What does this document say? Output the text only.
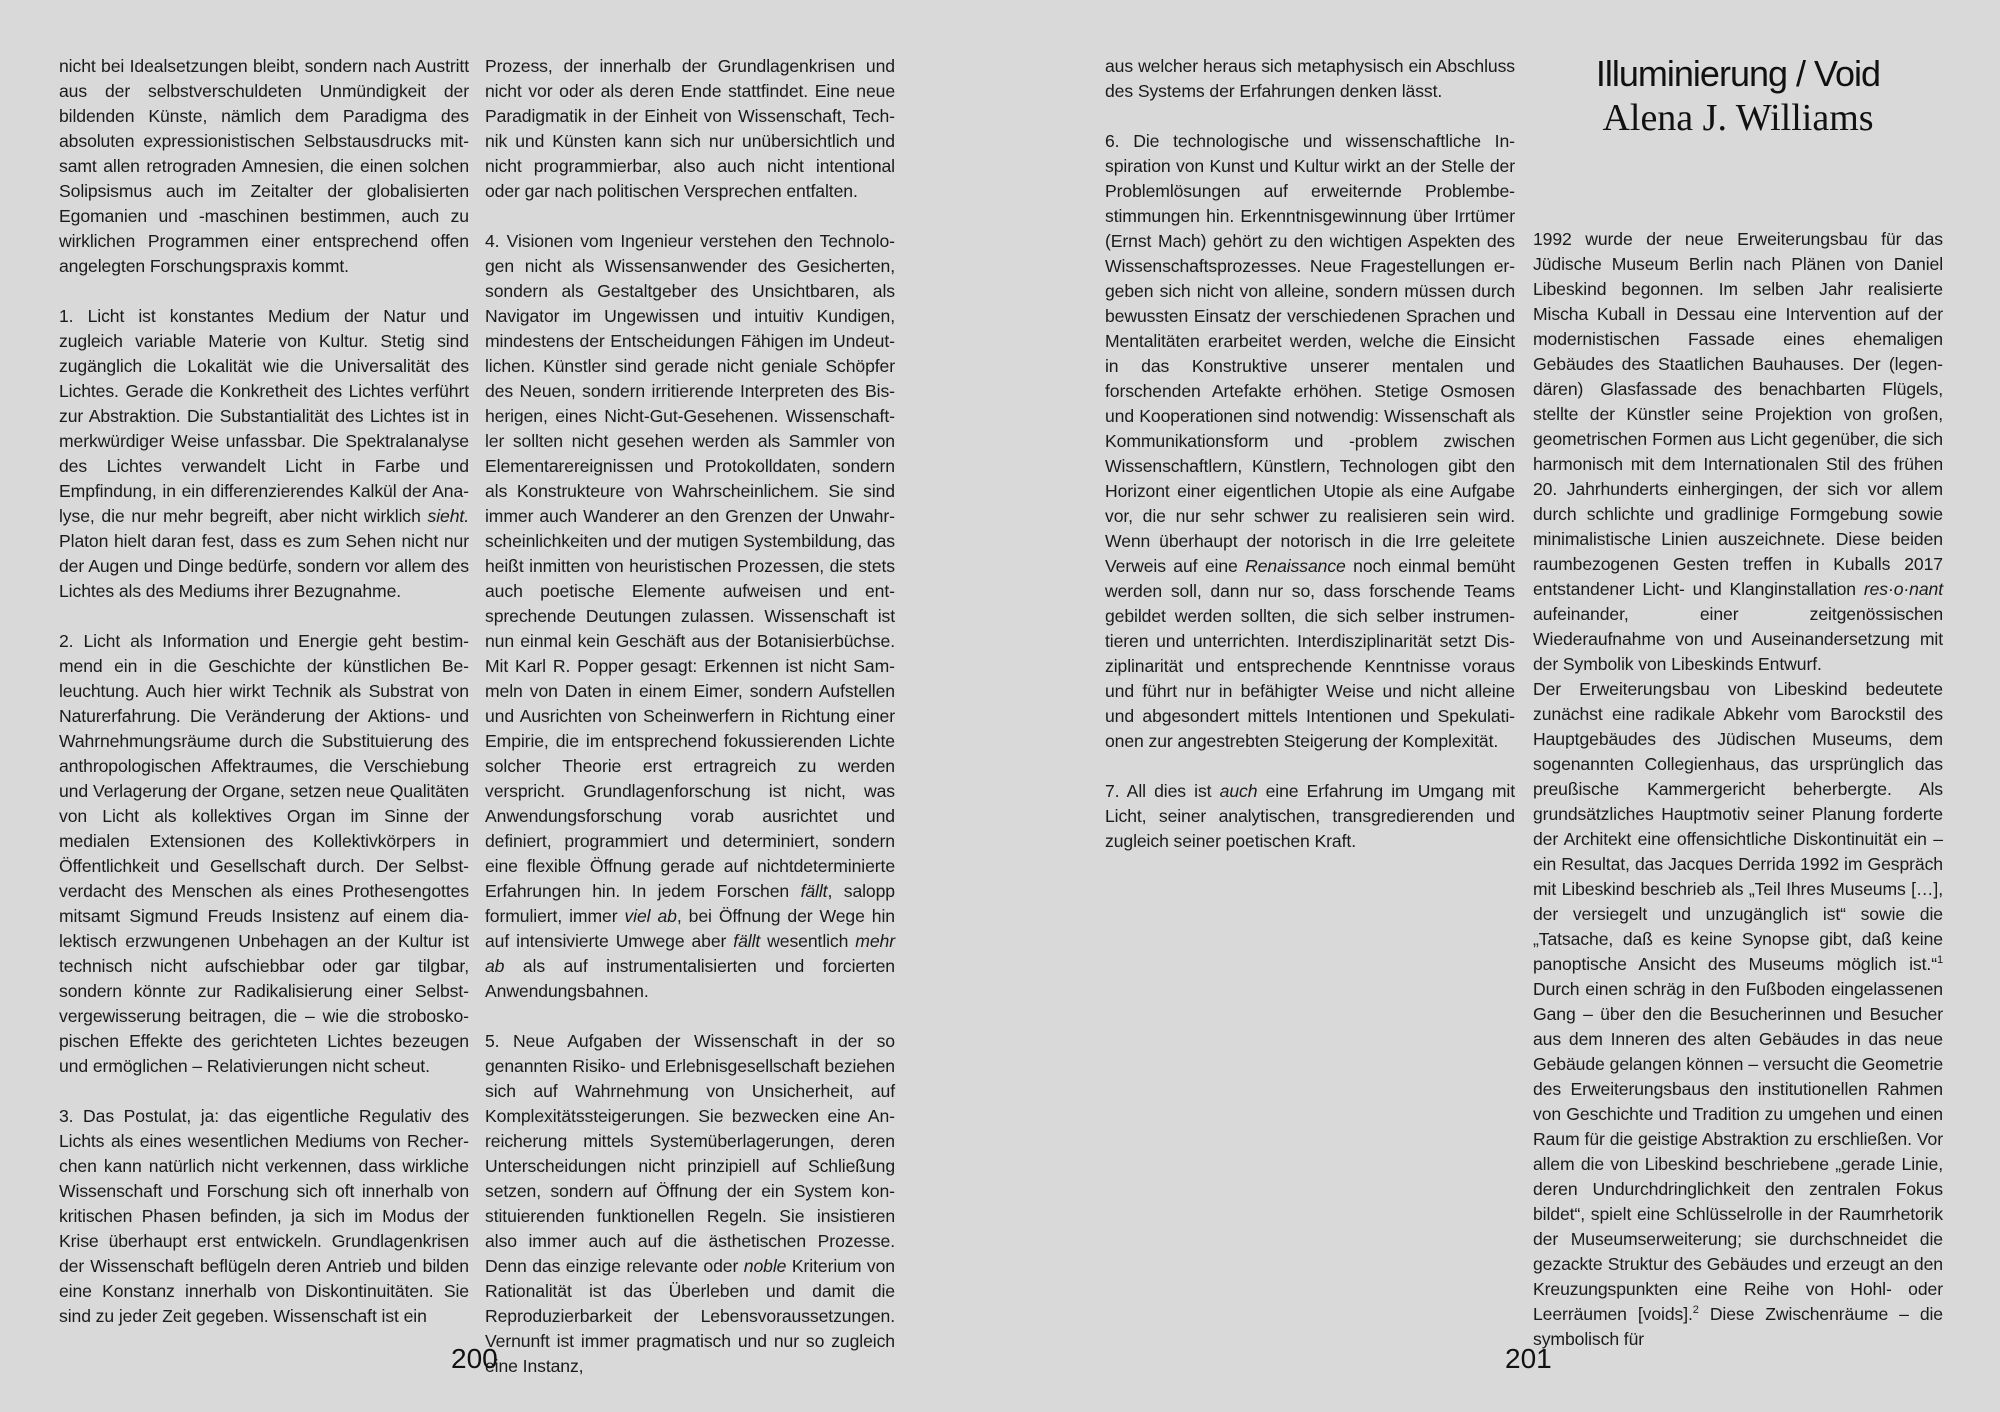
nicht bei Idealsetzungen bleibt, sondern nach Austritt aus der selbstverschuldeten Unmündigkeit der bildenden Künste, nämlich dem Paradigma des absoluten expressionistischen Selbstausdrucks mitsamt allen retrograden Amnesien, die einen solchen Solipsismus auch im Zeitalter der globalisierten Egomanien und -maschinen bestimmen, auch zu wirklichen Programmen einer entsprechend offen angelegten Forschungspraxis kommt.

1. Licht ist konstantes Medium der Natur und zugleich variable Materie von Kultur. Stetig sind zugänglich die Lokalität wie die Universalität des Lichtes. Gerade die Konkretheit des Lichtes verführt zur Abstraktion. Die Substantialität des Lichtes ist in merkwürdiger Weise unfassbar. Die Spektralanalyse des Lichtes verwandelt Licht in Farbe und Empfindung, in ein differenzierendes Kalkül der Analyse, die nur mehr begreift, aber nicht wirklich sieht. Platon hielt daran fest, dass es zum Sehen nicht nur der Augen und Dinge bedürfe, sondern vor allem des Lichtes als des Mediums ihrer Bezugnahme.

2. Licht als Information und Energie geht bestimmend ein in die Geschichte der künstlichen Beleuchtung. Auch hier wirkt Technik als Substrat von Naturerfahrung. Die Veränderung der Aktions- und Wahrnehmungsräume durch die Substituierung des anthropologischen Affektraumes, die Verschiebung und Verlagerung der Organe, setzen neue Qualitäten von Licht als kollektives Organ im Sinne der medialen Extensionen des Kollektivkörpers in Öffentlichkeit und Gesellschaft durch. Der Selbstverdacht des Menschen als eines Prothesengottes mitsamt Sigmund Freuds Insistenz auf einem dialektisch erzwungenen Unbehagen an der Kultur ist technisch nicht aufschiebbar oder gar tilgbar, sondern könnte zur Radikalisierung einer Selbstvergewisserung beitragen, die – wie die stroboskopischen Effekte des gerichteten Lichtes bezeugen und ermöglichen – Relativierungen nicht scheut.

3. Das Postulat, ja: das eigentliche Regulativ des Lichts als eines wesentlichen Mediums von Recherchen kann natürlich nicht verkennen, dass wirkliche Wissenschaft und Forschung sich oft innerhalb von kritischen Phasen befinden, ja sich im Modus der Krise überhaupt erst entwickeln. Grundlagenkrisen der Wissenschaft beflügeln deren Antrieb und bilden eine Konstanz innerhalb von Diskontinuitäten. Sie sind zu jeder Zeit gegeben. Wissenschaft ist ein

Prozess, der innerhalb der Grundlagenkrisen und nicht vor oder als deren Ende stattfindet. Eine neue Paradigmatik in der Einheit von Wissenschaft, Technik und Künsten kann sich nur unübersichtlich und nicht programmierbar, also auch nicht intentional oder gar nach politischen Versprechen entfalten.

4. Visionen vom Ingenieur verstehen den Technologen nicht als Wissensanwender des Gesicherten, sondern als Gestaltgeber des Unsichtbaren, als Navigator im Ungewissen und intuitiv Kundigen, mindestens der Entscheidungen Fähigen im Undeutlichen. Künstler sind gerade nicht geniale Schöpfer des Neuen, sondern irritierende Interpreten des Bisherigen, eines Nicht-Gut-Gesehenen. Wissenschaftler sollten nicht gesehen werden als Sammler von Elementarereignissen und Protokolldaten, sondern als Konstrukteure von Wahrscheinlichem. Sie sind immer auch Wanderer an den Grenzen der Unwahrscheinlichkeiten und der mutigen Systembildung, das heißt inmitten von heuristischen Prozessen, die stets auch poetische Elemente aufweisen und entsprechende Deutungen zulassen. Wissenschaft ist nun einmal kein Geschäft aus der Botanisierbüchse. Mit Karl R. Popper gesagt: Erkennen ist nicht Sammeln von Daten in einem Eimer, sondern Aufstellen und Ausrichten von Scheinwerfern in Richtung einer Empirie, die im entsprechend fokussierenden Lichte solcher Theorie erst ertragreich zu werden verspricht. Grundlagenforschung ist nicht, was Anwendungsforschung vorab ausrichtet und definiert, programmiert und determiniert, sondern eine flexible Öffnung gerade auf nichtdeterminierte Erfahrungen hin. In jedem Forschen fällt, salopp formuliert, immer viel ab, bei Öffnung der Wege hin auf intensivierte Umwege aber fällt wesentlich mehr ab als auf instrumentalisierten und forcierten Anwendungsbahnen.

5. Neue Aufgaben der Wissenschaft in der so genannten Risiko- und Erlebnisgesellschaft beziehen sich auf Wahrnehmung von Unsicherheit, auf Komplexitätssteigerungen. Sie bezwecken eine Anreicherung mittels Systemüberlagerungen, deren Unterscheidungen nicht prinzipiell auf Schließung setzen, sondern auf Öffnung der ein System konstituierenden funktionellen Regeln. Sie insistieren also immer auch auf die ästhetischen Prozesse. Denn das einzige relevante oder noble Kriterium von Rationalität ist das Überleben und damit die Reproduzierbarkeit der Lebensvoraussetzungen. Vernunft ist immer pragmatisch und nur so zugleich eine Instanz,

200

aus welcher heraus sich metaphysisch ein Abschluss des Systems der Erfahrungen denken lässt.

6. Die technologische und wissenschaftliche Inspiration von Kunst und Kultur wirkt an der Stelle der Problemlösungen auf erweiternde Problembestimmungen hin. Erkenntnisgewinnung über Irrtümer (Ernst Mach) gehört zu den wichtigen Aspekten des Wissenschaftsprozesses. Neue Fragestellungen ergeben sich nicht von alleine, sondern müssen durch bewussten Einsatz der verschiedenen Sprachen und Mentalitäten erarbeitet werden, welche die Einsicht in das Konstruktive unserer mentalen und forschenden Artefakte erhöhen. Stetige Osmosen und Kooperationen sind notwendig: Wissenschaft als Kommunikationsform und -problem zwischen Wissenschaftlern, Künstlern, Technologen gibt den Horizont einer eigentlichen Utopie als eine Aufgabe vor, die nur sehr schwer zu realisieren sein wird. Wenn überhaupt der notorisch in die Irre geleitete Verweis auf eine Renaissance noch einmal bemüht werden soll, dann nur so, dass forschende Teams gebildet werden sollten, die sich selber instrumentieren und unterrichten. Interdisziplinarität setzt Disziplinarität und entsprechende Kenntnisse voraus und führt nur in befähigter Weise und nicht alleine und abgesondert mittels Intentionen und Spekulationen zur angestrebten Steigerung der Komplexität.

7. All dies ist auch eine Erfahrung im Umgang mit Licht, seiner analytischen, transgredierenden und zugleich seiner poetischen Kraft.

Illuminierung / Void
Alena J. Williams

1992 wurde der neue Erweiterungsbau für das Jüdische Museum Berlin nach Plänen von Daniel Libeskind begonnen. Im selben Jahr realisierte Mischa Kuball in Dessau eine Intervention auf der modernistischen Fassade eines ehemaligen Gebäudes des Staatlichen Bauhauses. Der (legendären) Glasfassade des benachbarten Flügels, stellte der Künstler seine Projektion von großen, geometrischen Formen aus Licht gegenüber, die sich harmonisch mit dem Internationalen Stil des frühen 20. Jahrhunderts einhergingen, der sich vor allem durch schlichte und gradlinige Formgebung sowie minimalistische Linien auszeichnete. Diese beiden raumbezogenen Gesten treffen in Kuballs 2017 entstandener Licht- und Klanginstallation res·o·nant aufeinander, einer zeitgenössischen Wiederaufnahme von und Auseinandersetzung mit der Symbolik von Libeskinds Entwurf.

Der Erweiterungsbau von Libeskind bedeutete zunächst eine radikale Abkehr vom Barockstil des Hauptgebäudes des Jüdischen Museums, dem sogenannten Collegienhaus, das ursprünglich das preußische Kammergericht beherbergte. Als grundsätzliches Hauptmotiv seiner Planung forderte der Architekt eine offensichtliche Diskontinuität ein – ein Resultat, das Jacques Derrida 1992 im Gespräch mit Libeskind beschrieb als „Teil Ihres Museums […], der versiegelt und unzugänglich ist“ sowie die „Tatsache, daß es keine Synopse gibt, daß keine panoptische Ansicht des Museums möglich ist.“$^1$ Durch einen schräg in den Fußboden eingelassenen Gang – über den die Besucherinnen und Besucher aus dem Inneren des alten Gebäudes in das neue Gebäude gelangen können – versucht die Geometrie des Erweiterungsbaus den institutionellen Rahmen von Geschichte und Tradition zu umgehen und einen Raum für die geistige Abstraktion zu erschließen. Vor allem die von Libeskind beschriebene „gerade Linie, deren Undurchdringlichkeit den zentralen Fokus bildet“, spielt eine Schlüsselrolle in der Raumrhetorik der Museumserweiterung; sie durchschneidet die gezackte Struktur des Gebäudes und erzeugt an den Kreuzungspunkten eine Reihe von Hohl- oder Leerräumen [voids].$^2$ Diese Zwischenräume – die symbolisch für

201
